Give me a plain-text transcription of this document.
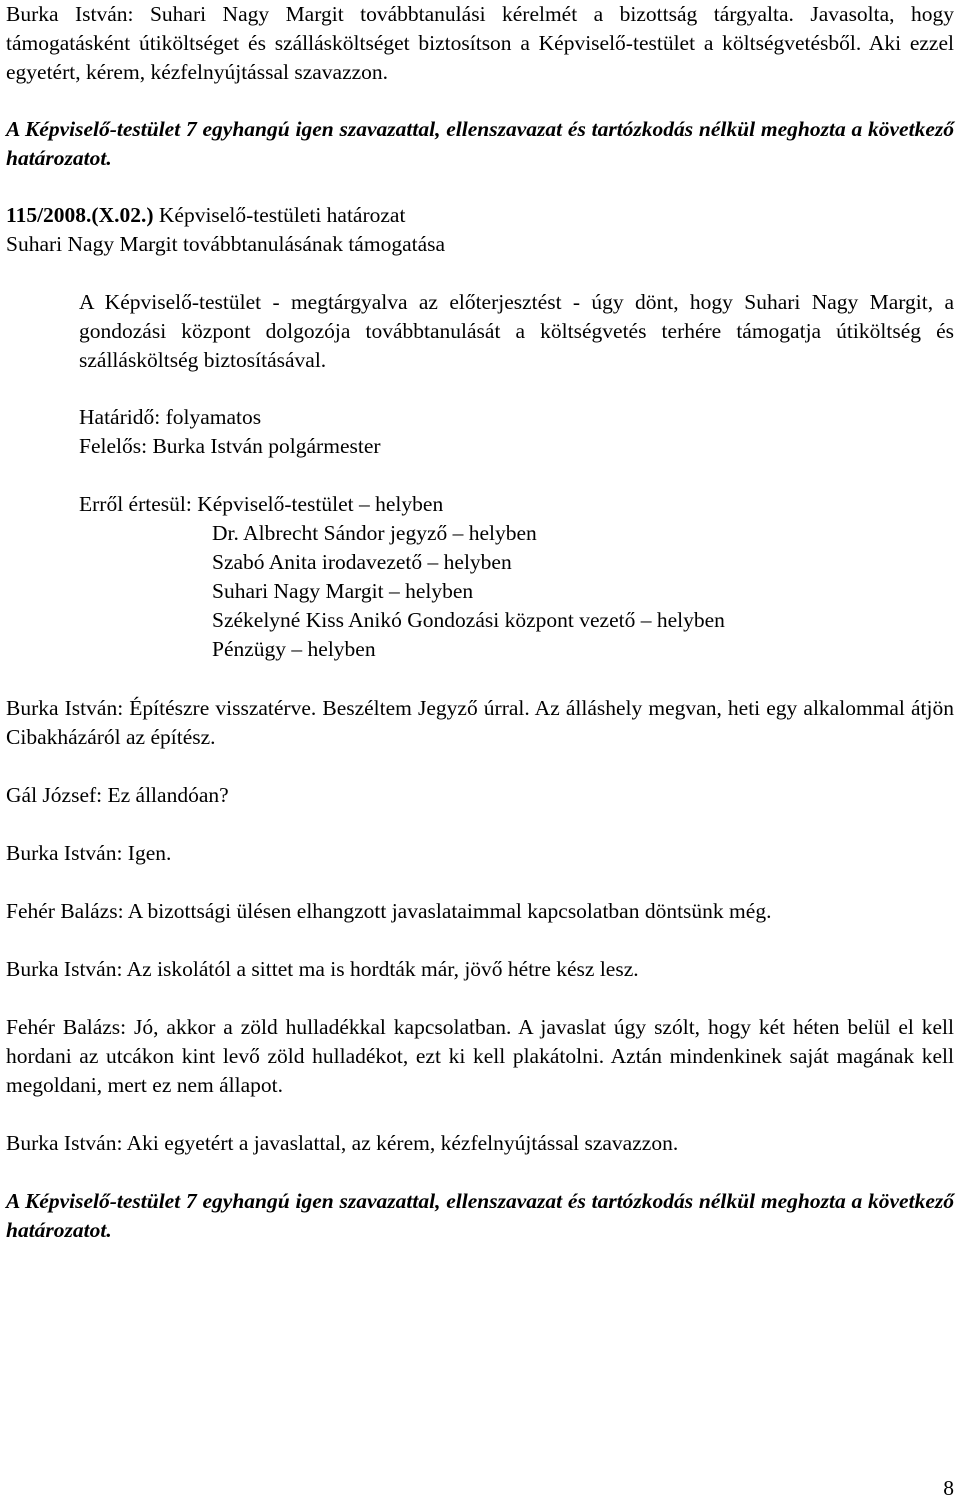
Burka István: Suhari Nagy Margit továbbtanulási kérelmét a bizottság tárgyalta. Javasolta, hogy támogatásként útiköltséget és szállásköltséget biztosítson a Képviselő-testület a költségvetésből. Aki ezzel egyetért, kérem, kézfelnyújtással szavazzon.

A Képviselő-testület 7 egyhangú igen szavazattal, ellenszavazat és tartózkodás nélkül meghozta a következő határozatot.

115/2008.(X.02.) Képviselő-testületi határozat

Suhari Nagy Margit továbbtanulásának támogatása

A Képviselő-testület - megtárgyalva az előterjesztést - úgy dönt, hogy Suhari Nagy Margit, a gondozási központ dolgozója továbbtanulását a költségvetés terhére támogatja útiköltség és szállásköltség biztosításával.

Határidő: folyamatos

Felelős: Burka István polgármester

Erről értesül: Képviselő-testület – helyben

Dr. Albrecht Sándor jegyző – helyben

Szabó Anita irodavezető – helyben

Suhari Nagy Margit – helyben

Székelyné Kiss Anikó Gondozási központ vezető – helyben

Pénzügy – helyben

Burka István: Építészre visszatérve. Beszéltem Jegyző úrral. Az álláshely megvan, heti egy alkalommal átjön Cibakházáról az építész.

Gál József: Ez állandóan?

Burka István: Igen.

Fehér Balázs: A bizottsági ülésen elhangzott javaslataimmal kapcsolatban döntsünk még.

Burka István: Az iskolától a sittet ma is hordták már, jövő hétre kész lesz.

Fehér Balázs: Jó, akkor a zöld hulladékkal kapcsolatban. A javaslat úgy szólt, hogy két héten belül el kell hordani az utcákon kint levő zöld hulladékot, ezt ki kell plakátolni. Aztán mindenkinek saját magának kell megoldani, mert ez nem állapot.

Burka István: Aki egyetért a javaslattal, az kérem, kézfelnyújtással szavazzon.

A Képviselő-testület 7 egyhangú igen szavazattal, ellenszavazat és tartózkodás nélkül meghozta a következő határozatot.

8
